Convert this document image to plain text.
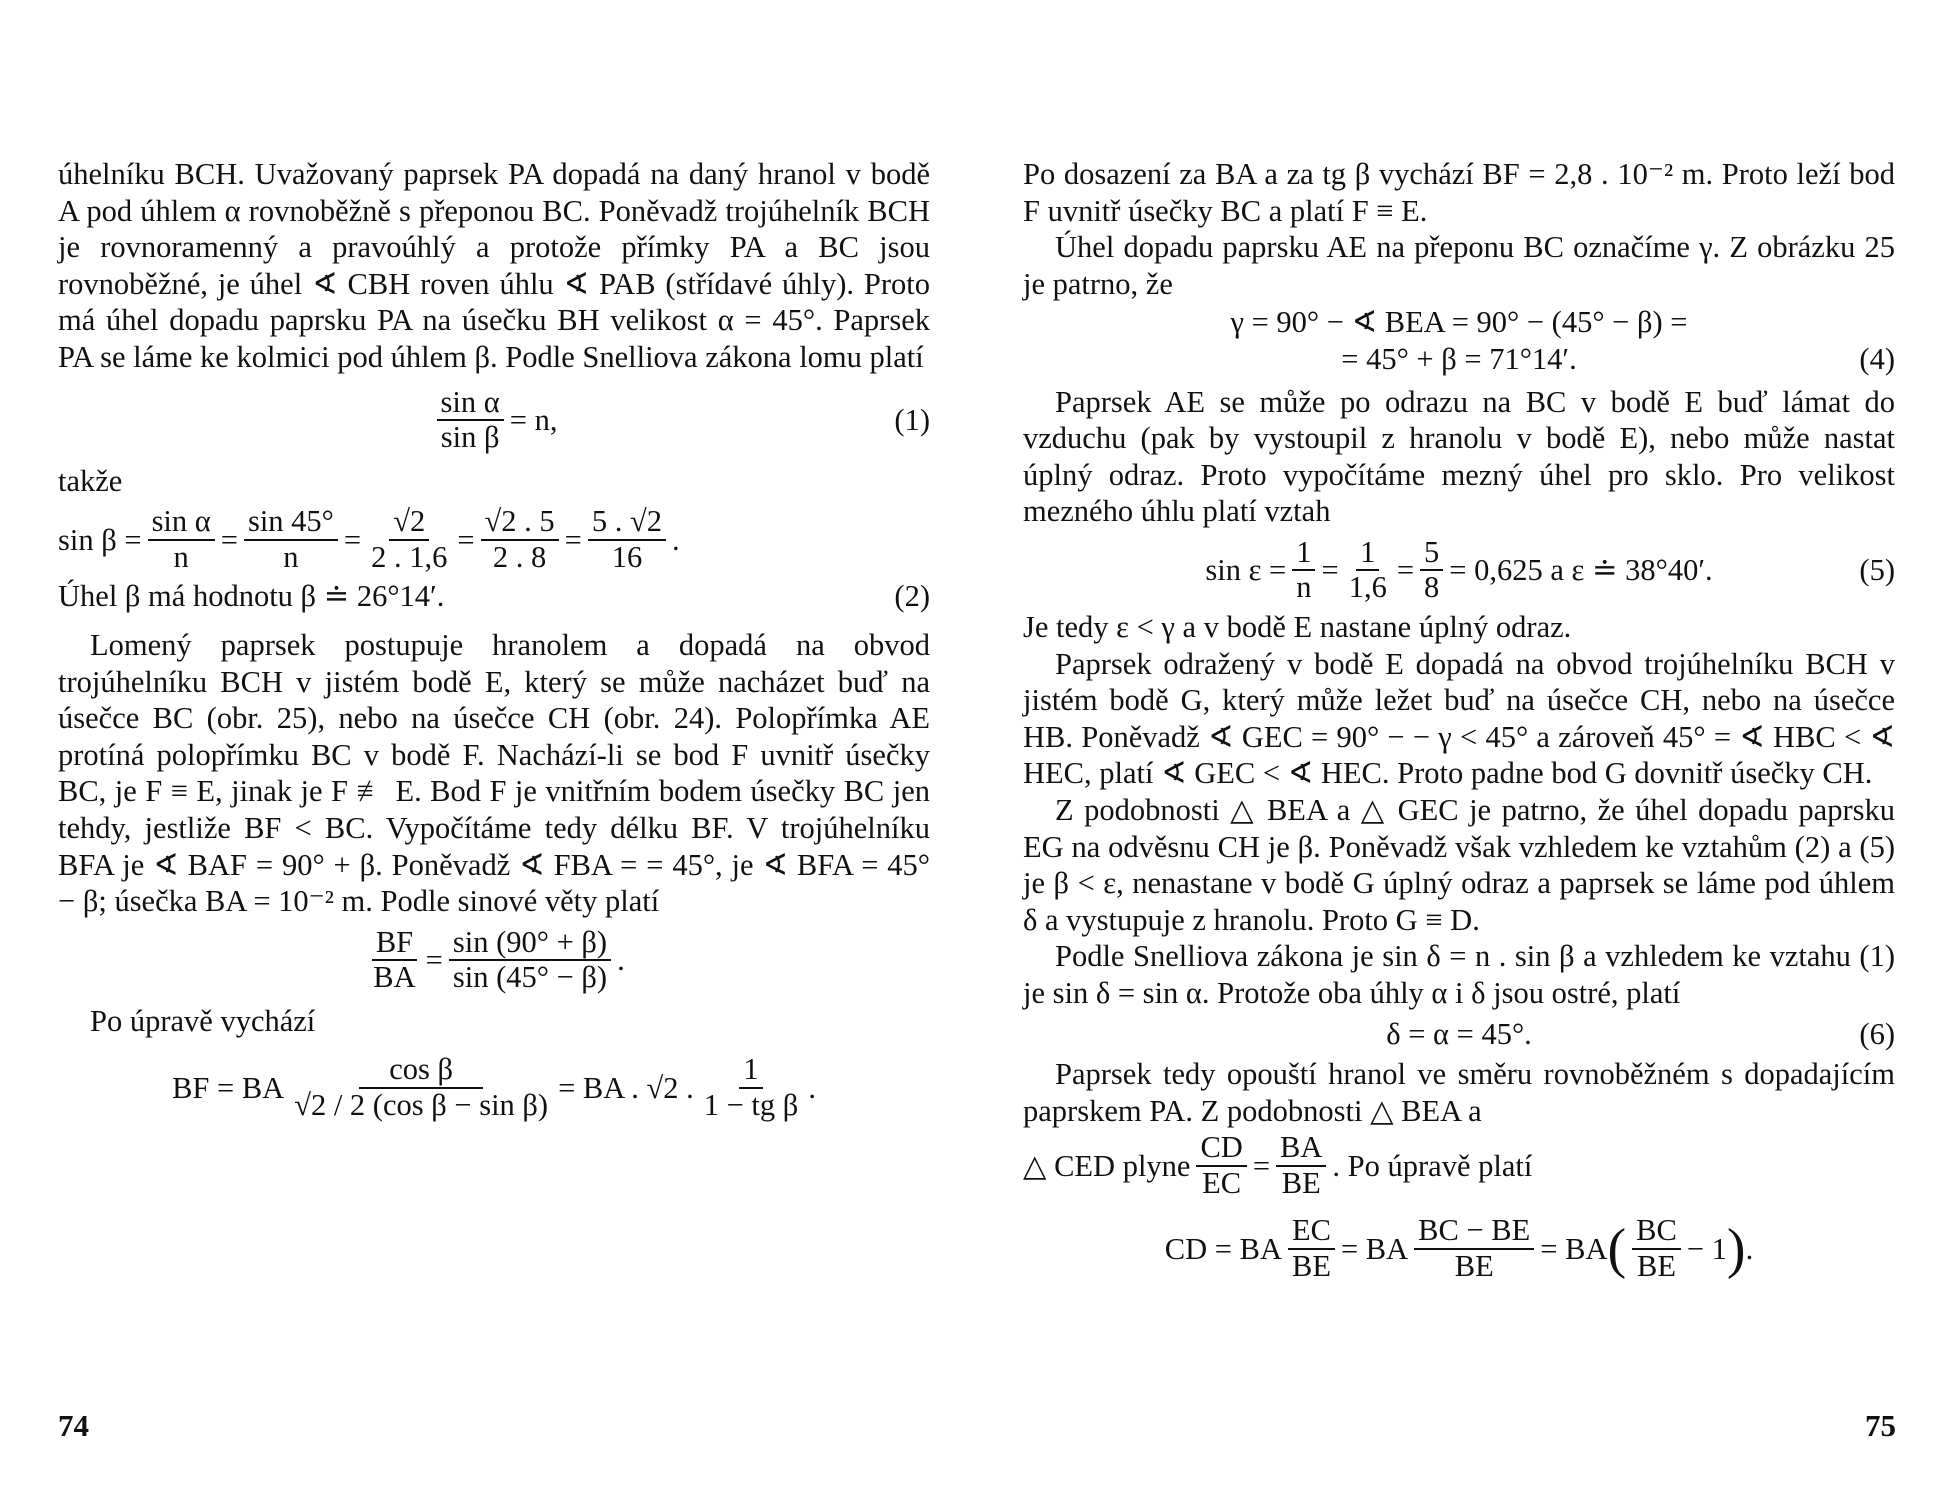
úhelníku BCH. Uvažovaný paprsek PA dopadá na daný hranol v bodě A pod úhlem α rovnoběžně s přeponou BC. Poněvadž trojúhelník BCH je rovnoramenný a pravoúhlý a protože přímky PA a BC jsou rovnoběžné, je úhel ∢ CBH roven úhlu ∢ PAB (střídavé úhly). Proto má úhel dopadu paprsku PA na úsečku BH velikost α = 45°. Paprsek PA se láme ke kolmici pod úhlem β. Podle Snelliova zákona lomu platí

$\frac{\text{sin α}}{\text{sin β}} = n$,	(1)

takže

$\sin \beta = \frac{\text{sin α}}{n} = \frac{\sin 45^\circ}{n} = \frac{√2}{2 . 1,6} = \frac{√2 . 5}{2 . 8} = \frac{5 . √2}{16}$ .
Úhel β má hodnotu β ≐ 26°14′.	(2)

Lomený paprsek postupuje hranolem a dopadá na obvod trojúhelníku BCH v jistém bodě E, který se může nacházet buď na úsečce BC (obr. 25), nebo na úsečce CH (obr. 24). Polopřímka AE protíná polopřímku BC v bodě F. Nachází-li se bod F uvnitř úsečky BC, je F ≡ E, jinak je F ≢ E. Bod F je vnitřním bodem úsečky BC jen tehdy, jestliže BF < BC. Vypočítáme tedy délku BF. V trojúhelníku BFA je ∢ BAF = 90° + β. Poněvadž ∢ FBA = = 45°, je ∢ BFA = 45° − β; úsečka BA = 10⁻² m. Podle sinové věty platí

$\frac{BF}{BA} = \frac{\sin (90^\circ + \beta)}{\sin (45^\circ - \beta)}$ .

Po úpravě vychází

BF = BA $\frac{\text{cos β}}{\text{√2 / 2 (cos β − sin β)}}$ = BA . √2 . $\frac{1}{\text{1 − tg β}}$ .
74

Po dosazení za BA a za tg β vychází BF = 2,8 . 10⁻² m. Proto leží bod F uvnitř úsečky BC a platí F ≡ E.

Úhel dopadu paprsku AE na přeponu BC označíme γ. Z obrázku 25 je patrno, že

γ = 90° − ∢ BEA = 90° − (45° − β) =
= 45° + β = 71°14′.	(4)

Paprsek AE se může po odrazu na BC v bodě E buď lámat do vzduchu (pak by vystoupil z hranolu v bodě E), nebo může nastat úplný odraz. Proto vypočítáme mezný úhel pro sklo. Pro velikost mezného úhlu platí vztah

$\sin \varepsilon = \frac{1}{n} = \frac{1}{1,6} = \frac{5}{8} = 0,625$ a ε ≐ 38°40′.	(5)

Je tedy ε < γ a v bodě E nastane úplný odraz.

Paprsek odražený v bodě E dopadá na obvod trojúhelníku BCH v jistém bodě G, který může ležet buď na úsečce CH, nebo na úsečce HB. Poněvadž ∢ GEC = 90° − − γ < 45° a zároveň 45° = ∢ HBC < ∢ HEC, platí ∢ GEC < ∢ HEC. Proto padne bod G dovnitř úsečky CH.

Z podobnosti △ BEA a △ GEC je patrno, že úhel dopadu paprsku EG na odvěsnu CH je β. Poněvadž však vzhledem ke vztahům (2) a (5) je β < ε, nenastane v bodě G úplný odraz a paprsek se láme pod úhlem δ a vystupuje z hranolu. Proto G ≡ D.

Podle Snelliova zákona je sin δ = n . sin β a vzhledem ke vztahu (1) je sin δ = sin α. Protože oba úhly α i δ jsou ostré, platí

δ = α = 45°.	(6)

Paprsek tedy opouští hranol ve směru rovnoběžném s dopadajícím paprskem PA. Z podobnosti △ BEA a

△ CED plyne $\frac{CD}{EC} = \frac{BA}{BE}$ . Po úpravě platí
CD = BA $\frac{EC}{BE}$ = BA $\frac{BC - BE}{BE}$ = BA ( $\frac{BC}{BE} - 1$ ) .
75
